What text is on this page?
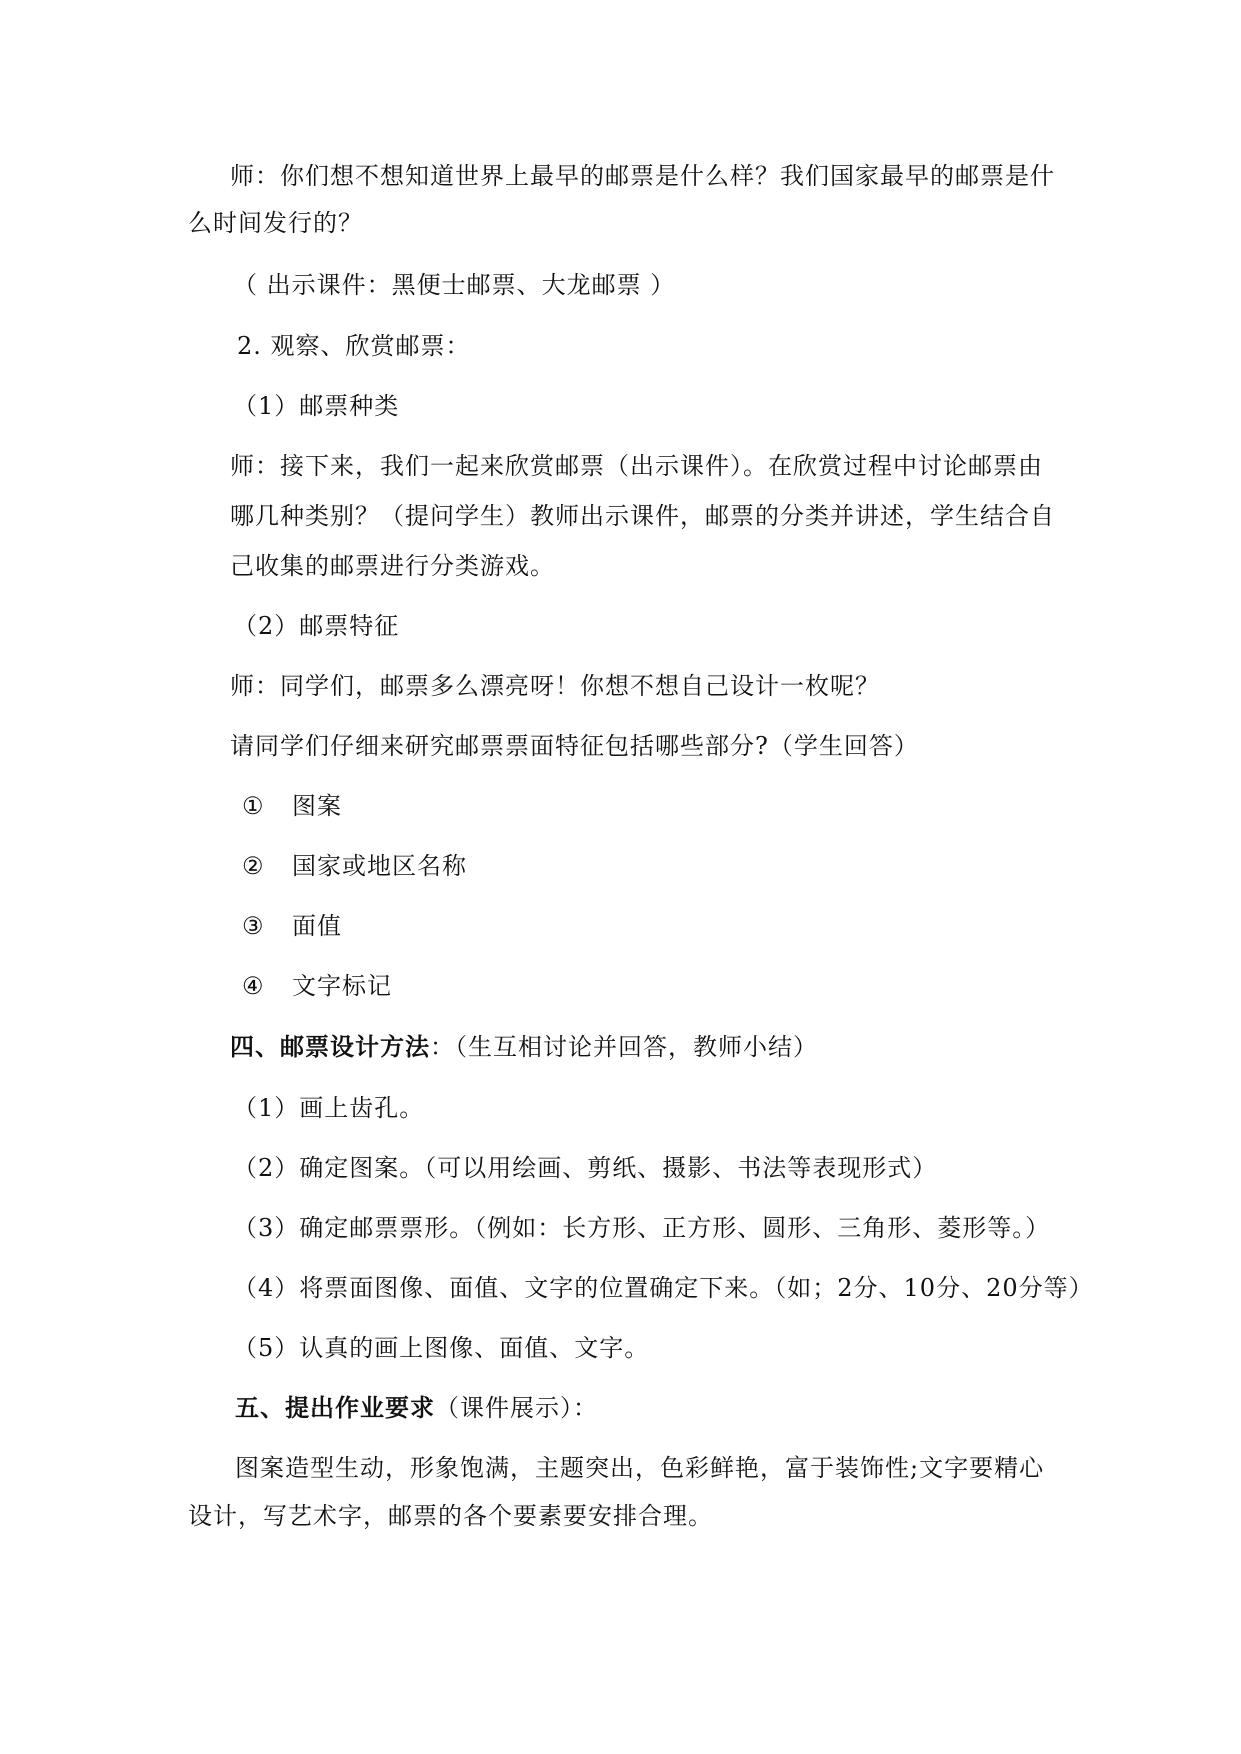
师：你们想不想知道世界上最早的邮票是什么样？我们国家最早的邮票是什
么时间发行的？
（ 出示课件：黑便士邮票、大龙邮票 ）
2. 观察、欣赏邮票：
（1）邮票种类
师：接下来，我们一起来欣赏邮票（出示课件）。在欣赏过程中讨论邮票由
哪几种类别？（提问学生）教师出示课件，邮票的分类并讲述，学生结合自
己收集的邮票进行分类游戏。
（2）邮票特征
师：同学们，邮票多么漂亮呀！你想不想自己设计一枚呢？
请同学们仔细来研究邮票票面特征包括哪些部分?（学生回答）
① 图案
② 国家或地区名称
③ 面值
④ 文字标记
四、邮票设计方法：（生互相讨论并回答，教师小结）
（1）画上齿孔。
（2）确定图案。（可以用绘画、剪纸、摄影、书法等表现形式）
（3）确定邮票票形。（例如：长方形、正方形、圆形、三角形、菱形等。）
（4）将票面图像、面值、文字的位置确定下来。（如；2分、10分、20分等）
（5）认真的画上图像、面值、文字。
五、提出作业要求（课件展示）：
图案造型生动，形象饱满，主题突出，色彩鲜艳，富于装饰性;文字要精心
设计，写艺术字，邮票的各个要素要安排合理。
